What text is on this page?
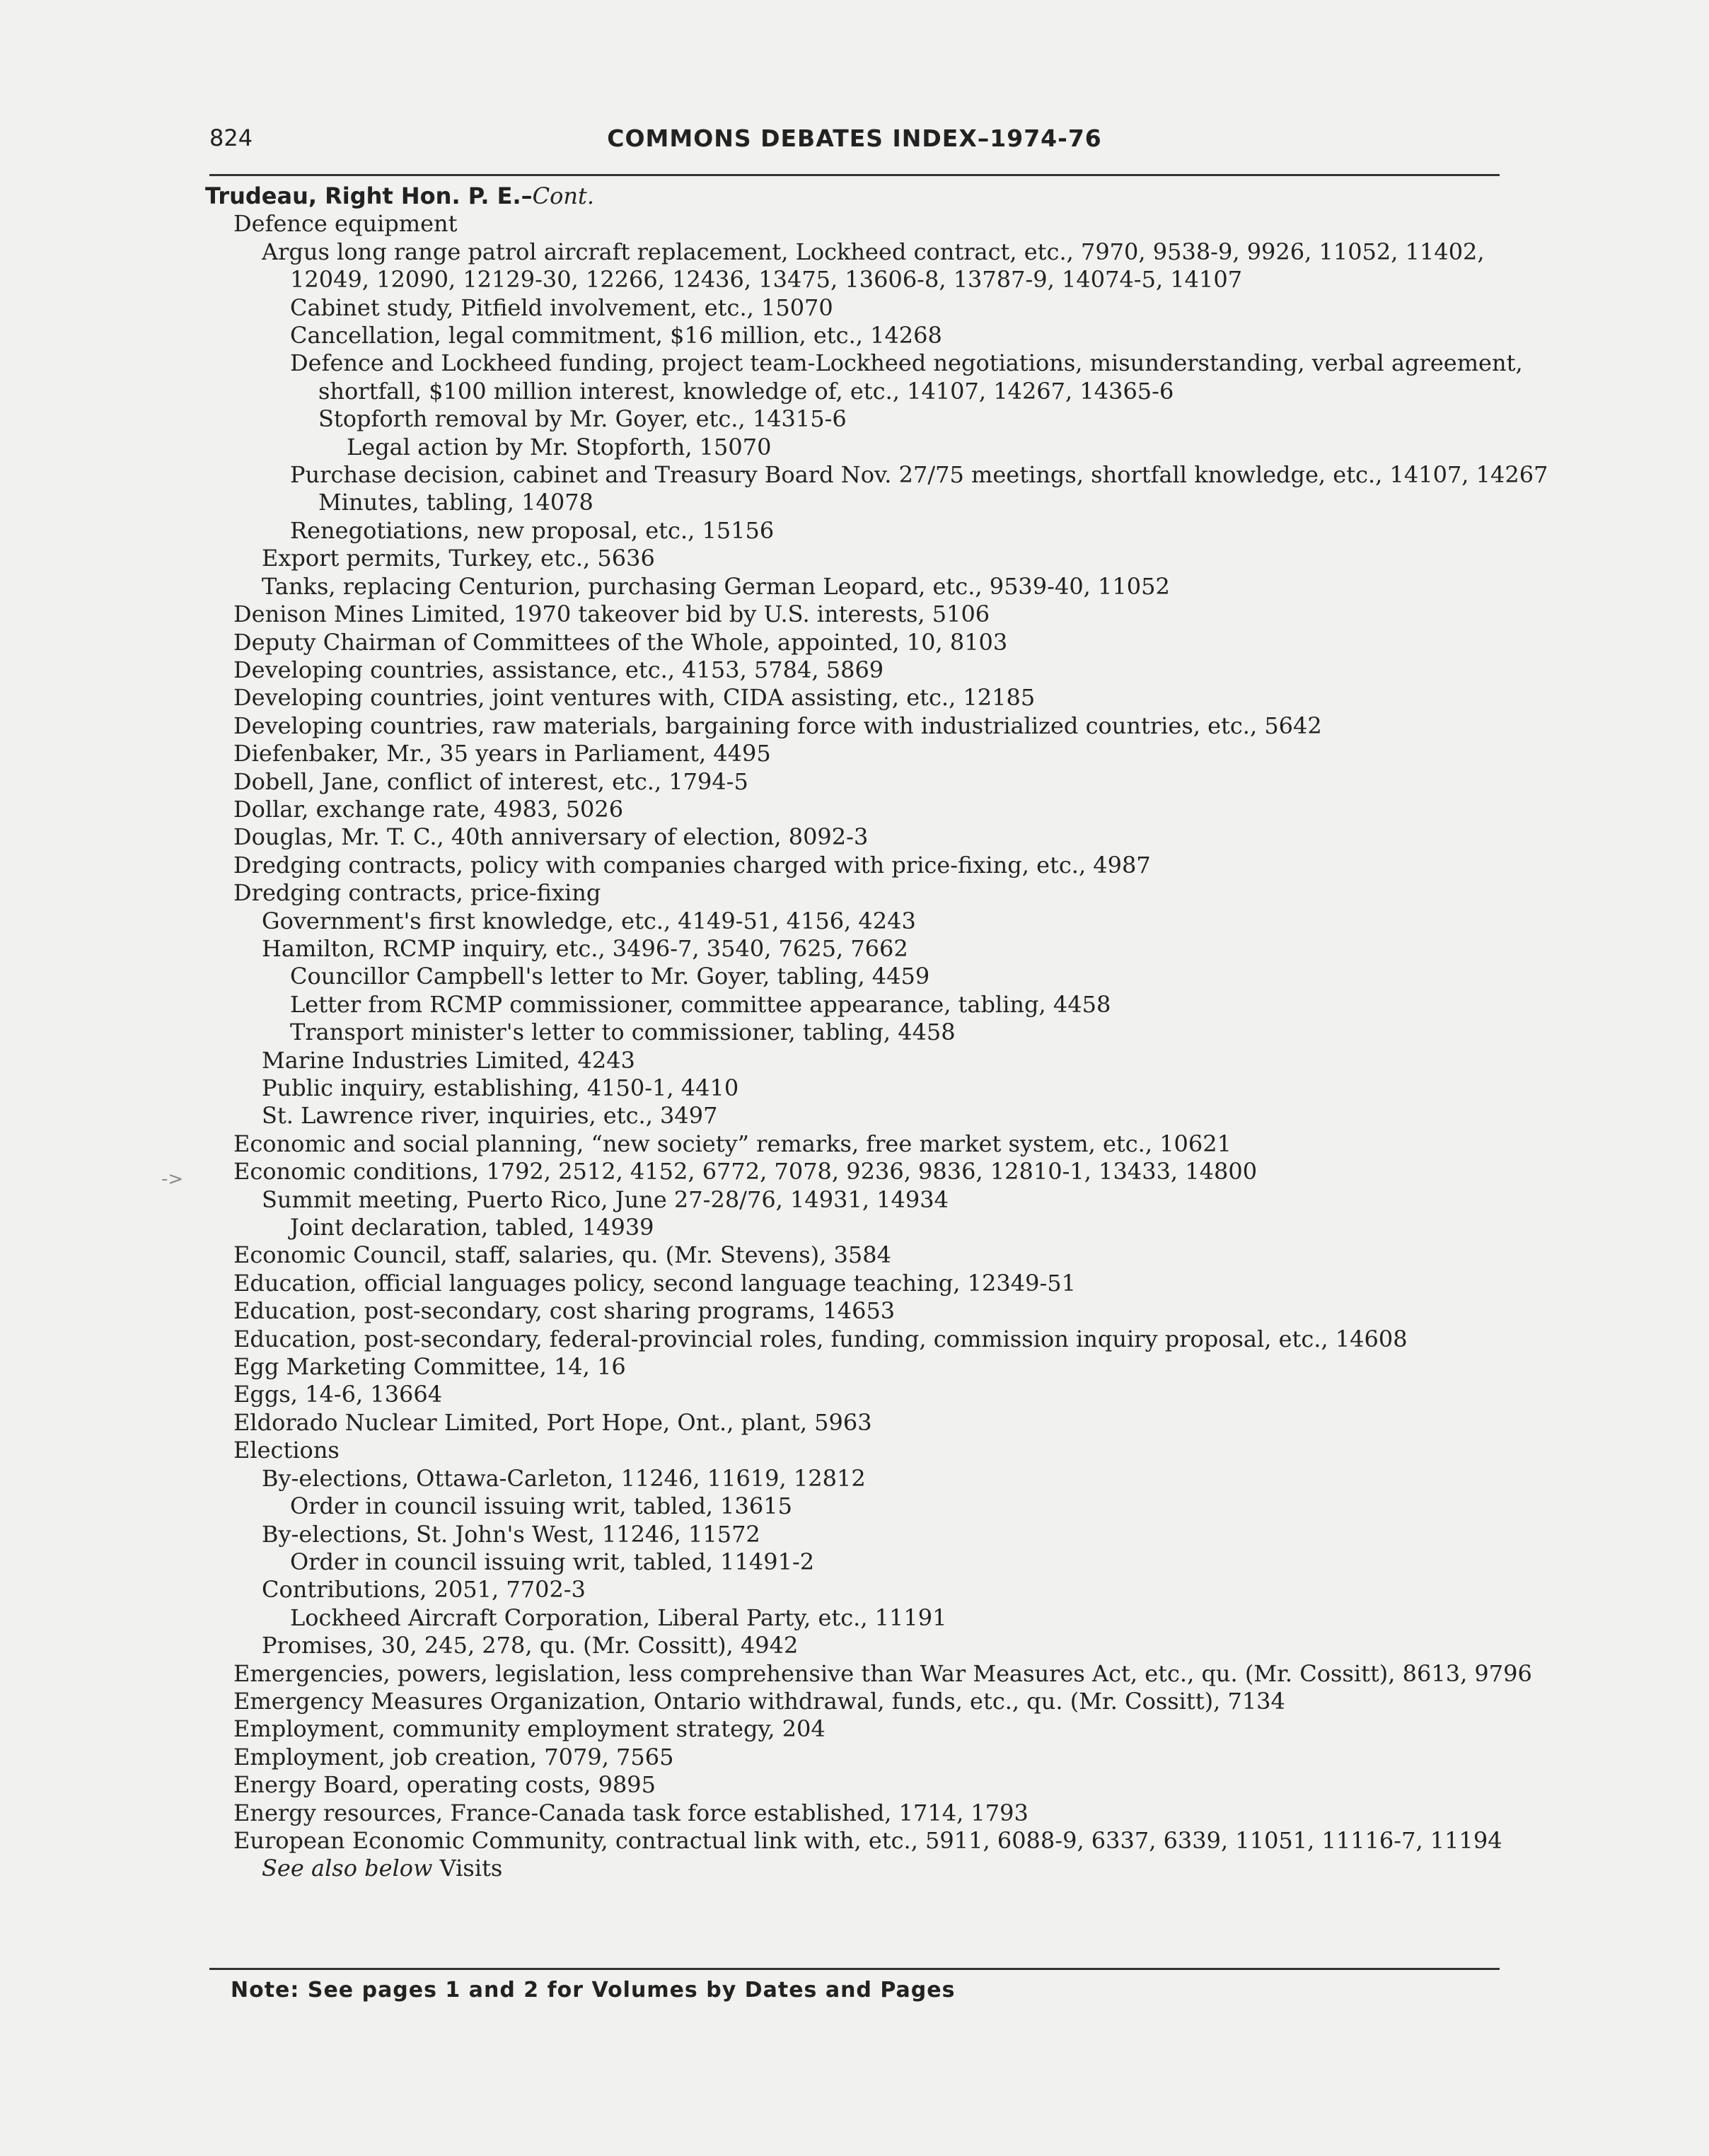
824	COMMONS DEBATES INDEX–1974-76
->
Trudeau, Right Hon. P. E.–Cont.
Defence equipment
Argus long range patrol aircraft replacement, Lockheed contract, etc., 7970, 9538-9, 9926, 11052, 11402, 12049, 12090, 12129-30, 12266, 12436, 13475, 13606-8, 13787-9, 14074-5, 14107
Cabinet study, Pitfield involvement, etc., 15070
Cancellation, legal commitment, $16 million, etc., 14268
Defence and Lockheed funding, project team-Lockheed negotiations, misunderstanding, verbal agreement, shortfall, $100 million interest, knowledge of, etc., 14107, 14267, 14365-6
Stopforth removal by Mr. Goyer, etc., 14315-6
Legal action by Mr. Stopforth, 15070
Purchase decision, cabinet and Treasury Board Nov. 27/75 meetings, shortfall knowledge, etc., 14107, 14267
Minutes, tabling, 14078
Renegotiations, new proposal, etc., 15156
Export permits, Turkey, etc., 5636
Tanks, replacing Centurion, purchasing German Leopard, etc., 9539-40, 11052
Denison Mines Limited, 1970 takeover bid by U.S. interests, 5106
Deputy Chairman of Committees of the Whole, appointed, 10, 8103
Developing countries, assistance, etc., 4153, 5784, 5869
Developing countries, joint ventures with, CIDA assisting, etc., 12185
Developing countries, raw materials, bargaining force with industrialized countries, etc., 5642
Diefenbaker, Mr., 35 years in Parliament, 4495
Dobell, Jane, conflict of interest, etc., 1794-5
Dollar, exchange rate, 4983, 5026
Douglas, Mr. T. C., 40th anniversary of election, 8092-3
Dredging contracts, policy with companies charged with price-fixing, etc., 4987
Dredging contracts, price-fixing
Government's first knowledge, etc., 4149-51, 4156, 4243
Hamilton, RCMP inquiry, etc., 3496-7, 3540, 7625, 7662
Councillor Campbell's letter to Mr. Goyer, tabling, 4459
Letter from RCMP commissioner, committee appearance, tabling, 4458
Transport minister's letter to commissioner, tabling, 4458
Marine Industries Limited, 4243
Public inquiry, establishing, 4150-1, 4410
St. Lawrence river, inquiries, etc., 3497
Economic and social planning, “new society” remarks, free market system, etc., 10621
Economic conditions, 1792, 2512, 4152, 6772, 7078, 9236, 9836, 12810-1, 13433, 14800
Summit meeting, Puerto Rico, June 27-28/76, 14931, 14934
Joint declaration, tabled, 14939
Economic Council, staff, salaries, qu. (Mr. Stevens), 3584
Education, official languages policy, second language teaching, 12349-51
Education, post-secondary, cost sharing programs, 14653
Education, post-secondary, federal-provincial roles, funding, commission inquiry proposal, etc., 14608
Egg Marketing Committee, 14, 16
Eggs, 14-6, 13664
Eldorado Nuclear Limited, Port Hope, Ont., plant, 5963
Elections
By-elections, Ottawa-Carleton, 11246, 11619, 12812
Order in council issuing writ, tabled, 13615
By-elections, St. John's West, 11246, 11572
Order in council issuing writ, tabled, 11491-2
Contributions, 2051, 7702-3
Lockheed Aircraft Corporation, Liberal Party, etc., 11191
Promises, 30, 245, 278, qu. (Mr. Cossitt), 4942
Emergencies, powers, legislation, less comprehensive than War Measures Act, etc., qu. (Mr. Cossitt), 8613, 9796
Emergency Measures Organization, Ontario withdrawal, funds, etc., qu. (Mr. Cossitt), 7134
Employment, community employment strategy, 204
Employment, job creation, 7079, 7565
Energy Board, operating costs, 9895
Energy resources, France-Canada task force established, 1714, 1793
European Economic Community, contractual link with, etc., 5911, 6088-9, 6337, 6339, 11051, 11116-7, 11194
See also below Visits
Note: See pages 1 and 2 for Volumes by Dates and Pages
